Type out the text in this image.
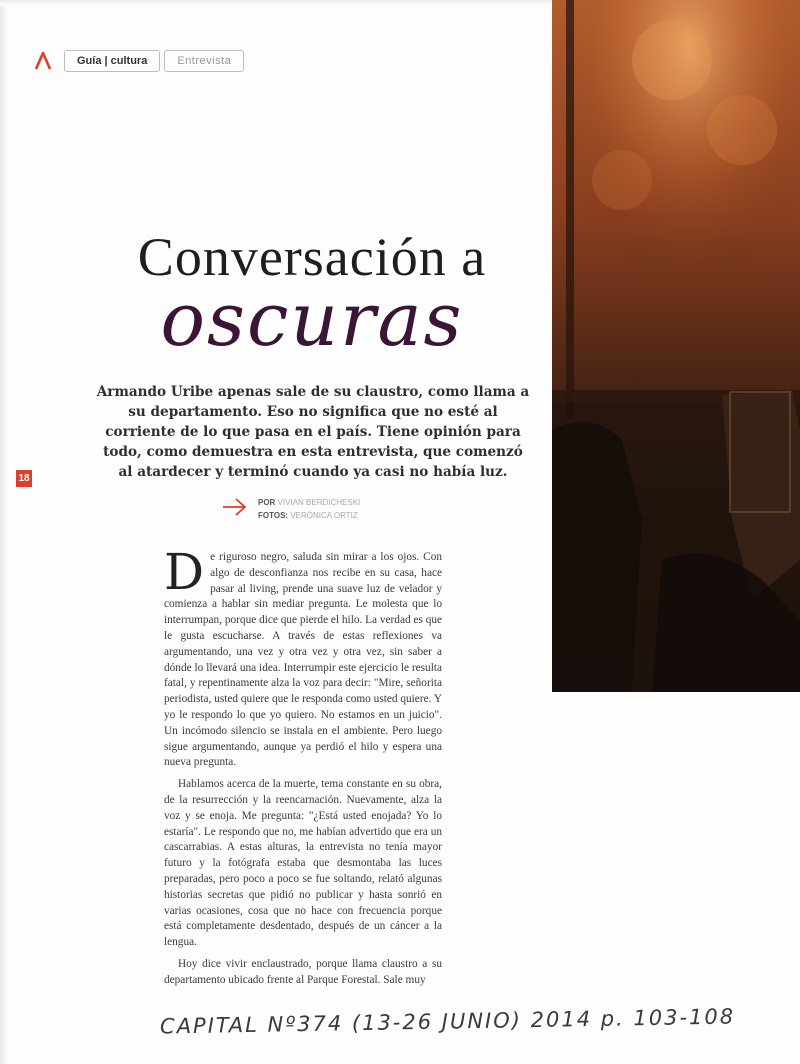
Guía | cultura	Entrevista
Conversación a
oscuras
Armando Uribe apenas sale de su claustro, como llama a su departamento. Eso no significa que no esté al corriente de lo que pasa en el país. Tiene opinión para todo, como demuestra en esta entrevista, que comenzó al atardecer y terminó cuando ya casi no había luz.
18
POR VIVIAN BERDICHESKI
FOTOS: VERÓNICA ORTIZ

De riguroso negro, saluda sin mirar a los ojos. Con algo de desconfianza nos recibe en su casa, hace pasar al living, prende una suave luz de velador y comienza a hablar sin mediar pregunta. Le molesta que lo interrumpan, porque dice que pierde el hilo. La verdad es que le gusta escucharse. A través de estas reflexiones va argumentando, una vez y otra vez y otra vez, sin saber a dónde lo llevará una idea. Interrumpir este ejercicio le resulta fatal, y repentinamente alza la voz para decir: "Mire, señorita periodista, usted quiere que le responda como usted quiere. Y yo le respondo lo que yo quiero. No estamos en un juicio". Un incómodo silencio se instala en el ambiente. Pero luego sigue argumentando, aunque ya perdió el hilo y espera una nueva pregunta.

Hablamos acerca de la muerte, tema constante en su obra, de la resurrección y la reencarnación. Nuevamente, alza la voz y se enoja. Me pregunta: "¿Está usted enojada? Yo lo estaría". Le respondo que no, me habían advertido que era un cascarrabias. A estas alturas, la entrevista no tenía mayor futuro y la fotógrafa estaba que desmontaba las luces preparadas, pero poco a poco se fue soltando, relató algunas historias secretas que pidió no publicar y hasta sonrió en varias ocasiones, cosa que no hace con frecuencia porque está completamente desdentado, después de un cáncer a la lengua.

Hoy dice vivir enclaustrado, porque llama claustro a su departamento ubicado frente al Parque Forestal. Sale muy

CAPITAL Nº374 (13-26 JUNIO) 2014 p. 103-108
